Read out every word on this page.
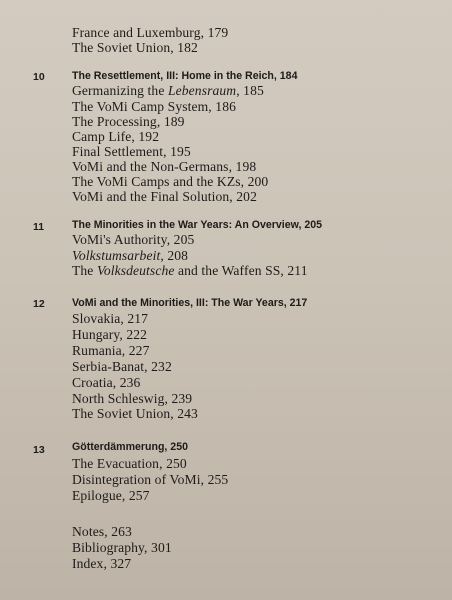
France and Luxemburg, 179
The Soviet Union, 182
10	The Resettlement, III: Home in the Reich, 184
Germanizing the Lebensraum, 185
The VoMi Camp System, 186
The Processing, 189
Camp Life, 192
Final Settlement, 195
VoMi and the Non-Germans, 198
The VoMi Camps and the KZs, 200
VoMi and the Final Solution, 202
11	The Minorities in the War Years: An Overview, 205
VoMi's Authority, 205
Volkstumsarbeit, 208
The Volksdeutsche and the Waffen SS, 211
12	VoMi and the Minorities, III: The War Years, 217
Slovakia, 217
Hungary, 222
Rumania, 227
Serbia-Banat, 232
Croatia, 236
North Schleswig, 239
The Soviet Union, 243
13	Götterdämmerung, 250
The Evacuation, 250
Disintegration of VoMi, 255
Epilogue, 257
Notes, 263
Bibliography, 301
Index, 327
